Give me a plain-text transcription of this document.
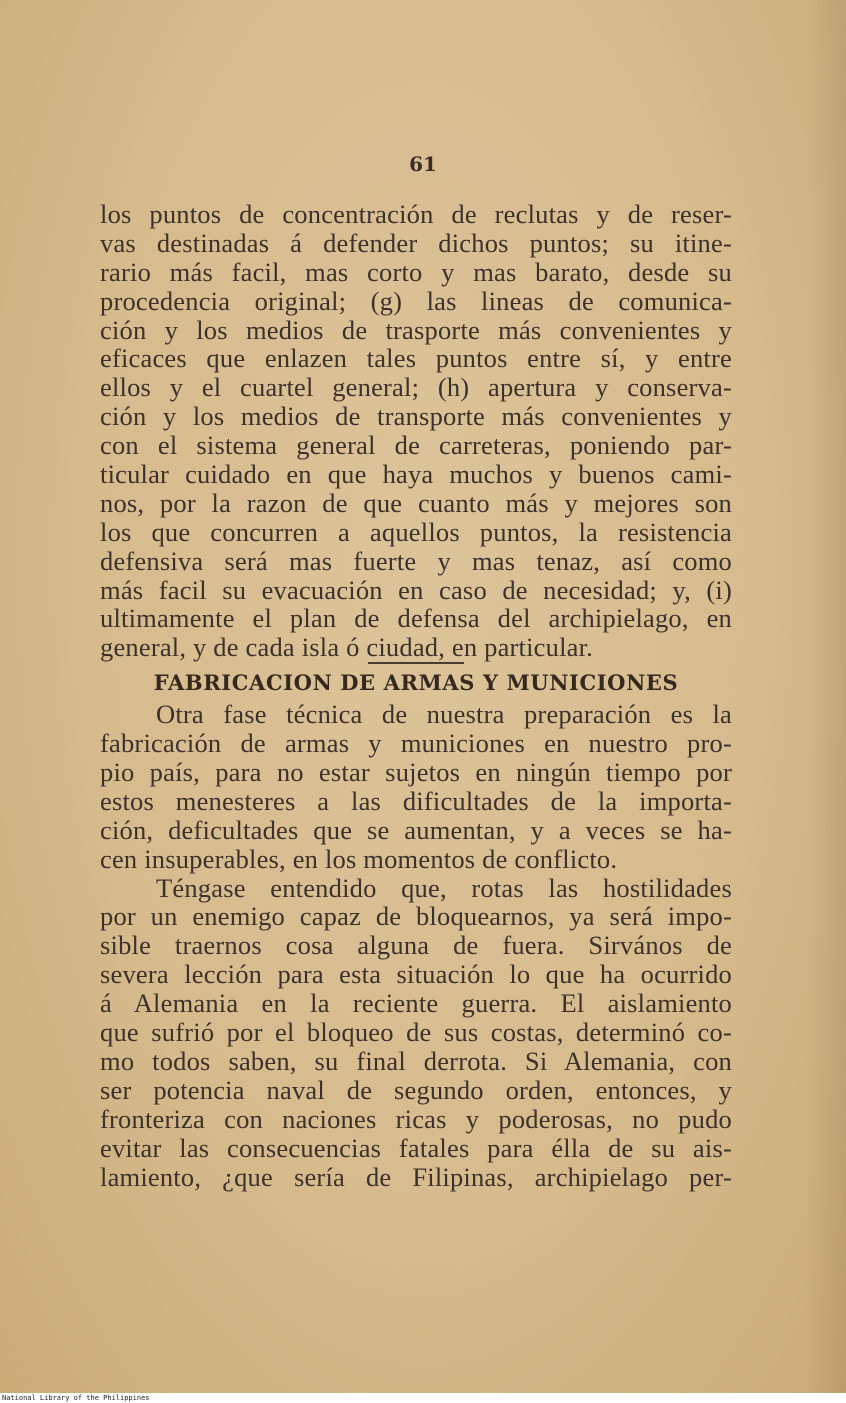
61
los puntos de concentración de reclutas y de reser-
vas destinadas á defender dichos puntos; su itine-
rario más facil, mas corto y mas barato, desde su
procedencia original; (g) las lineas de comunica-
ción y los medios de trasporte más convenientes y
eficaces que enlazen tales puntos entre sí, y entre
ellos y el cuartel general; (h) apertura y conserva-
ción y los medios de transporte más convenientes y
con el sistema general de carreteras, poniendo par-
ticular cuidado en que haya muchos y buenos cami-
nos, por la razon de que cuanto más y mejores son
los que concurren a aquellos puntos, la resistencia
defensiva será mas fuerte y mas tenaz, así como
más facil su evacuación en caso de necesidad; y, (i)
ultimamente el plan de defensa del archipielago, en
general, y de cada isla ó ciudad, en particular.
FABRICACION DE ARMAS Y MUNICIONES
Otra fase técnica de nuestra preparación es la
fabricación de armas y municiones en nuestro pro-
pio país, para no estar sujetos en ningún tiempo por
estos menesteres a las dificultades de la importa-
ción, deficultades que se aumentan, y a veces se ha-
cen insuperables, en los momentos de conflicto.
Téngase entendido que, rotas las hostilidades
por un enemigo capaz de bloquearnos, ya será impo-
sible traernos cosa alguna de fuera. Sirvános de
severa lección para esta situación lo que ha ocurrido
á Alemania en la reciente guerra. El aislamiento
que sufrió por el bloqueo de sus costas, determinó co-
mo todos saben, su final derrota. Si Alemania, con
ser potencia naval de segundo orden, entonces, y
fronteriza con naciones ricas y poderosas, no pudo
evitar las consecuencias fatales para élla de su ais-
lamiento, ¿que sería de Filipinas, archipielago per-
National Library of the Philippines
